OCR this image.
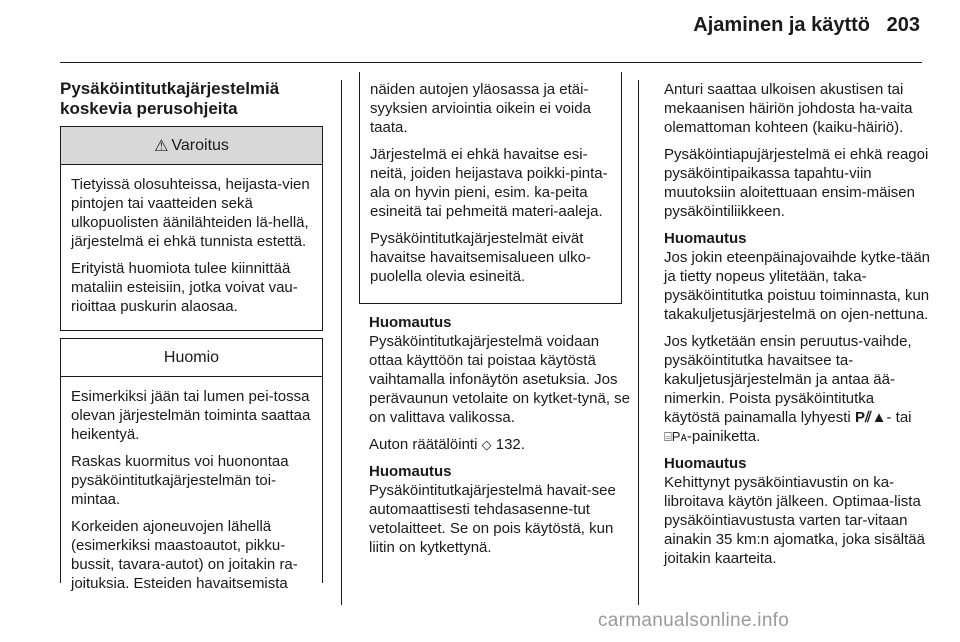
Ajaminen ja käyttö 203
Pysäköintitutkajärjestelmiä koskevia perusohjeita
⚠ Varoitus

Tietyissä olosuhteissa, heijasta-vien pintojen tai vaatteiden sekä ulkopuolisten äänilähteiden lä-hellä, järjestelmä ei ehkä tunnista estettä.

Erityistä huomiota tulee kiinnittää mataliin esteisiin, jotka voivat vau-rioittaa puskurin alaosaa.

Huomio

Esimerkiksi jään tai lumen pei-tossa olevan järjestelmän toiminta saattaa heikentyä.

Raskas kuormitus voi huonontaa pysäköintitutkajärjestelmän toi-mintaa.

Korkeiden ajoneuvojen lähellä (esimerkiksi maastoautot, pikku-bussit, tavara-autot) on joitakin ra-joituksia. Esteiden havaitsemista

näiden autojen yläosassa ja etäi-syyksien arviointia oikein ei voida taata.

Järjestelmä ei ehkä havaitse esi-neitä, joiden heijastava poikki-pinta-ala on hyvin pieni, esim. ka-peita esineitä tai pehmeitä materi-aaleja.

Pysäköintitutkajärjestelmät eivät havaitse havaitsemisalueen ulko-puolella olevia esineitä.

Huomautus

Pysäköintitutkajärjestelmä voidaan ottaa käyttöön tai poistaa käytöstä vaihtamalla infonäytön asetuksia. Jos perävaunun vetolaite on kytket-tynä, se on valittava valikossa.

Auton räätälöinti ◇ 132.

Huomautus

Pysäköintitutkajärjestelmä havait-see automaattisesti tehdasasenne-tut vetolaitteet. Se on pois käytöstä, kun liitin on kytkettynä.

Anturi saattaa ulkoisen akustisen tai mekaanisen häiriön johdosta ha-vaita olemattoman kohteen (kaiku-häiriö).

Pysäköintiapujärjestelmä ei ehkä reagoi pysäköintipaikassa tapahtu-viin muutoksiin aloitettuaan ensim-mäisen pysäköintiliikkeen.

Huomautus

Jos jokin eteenpäinajovaihde kytke-tään ja tietty nopeus ylitetään, taka-pysäköintitutka poistuu toiminnasta, kun takakuljetusjärjestelmä on ojen-nettuna.

Jos kytketään ensin peruutus-vaihde, pysäköintitutka havaitsee ta-kakuljetusjärjestelmän ja antaa ää-nimerkin. Poista pysäköintitutka käytöstä painamalla lyhyesti P⫽▲- tai ⌸Pᴀ-painiketta.

Huomautus

Kehittynyt pysäköintiavustin on ka-libroitava käytön jälkeen. Optimaa-lista pysäköintiavustusta varten tar-vitaan ainakin 35 km:n ajomatka, joka sisältää joitakin kaarteita.

carmanualsonline.info
